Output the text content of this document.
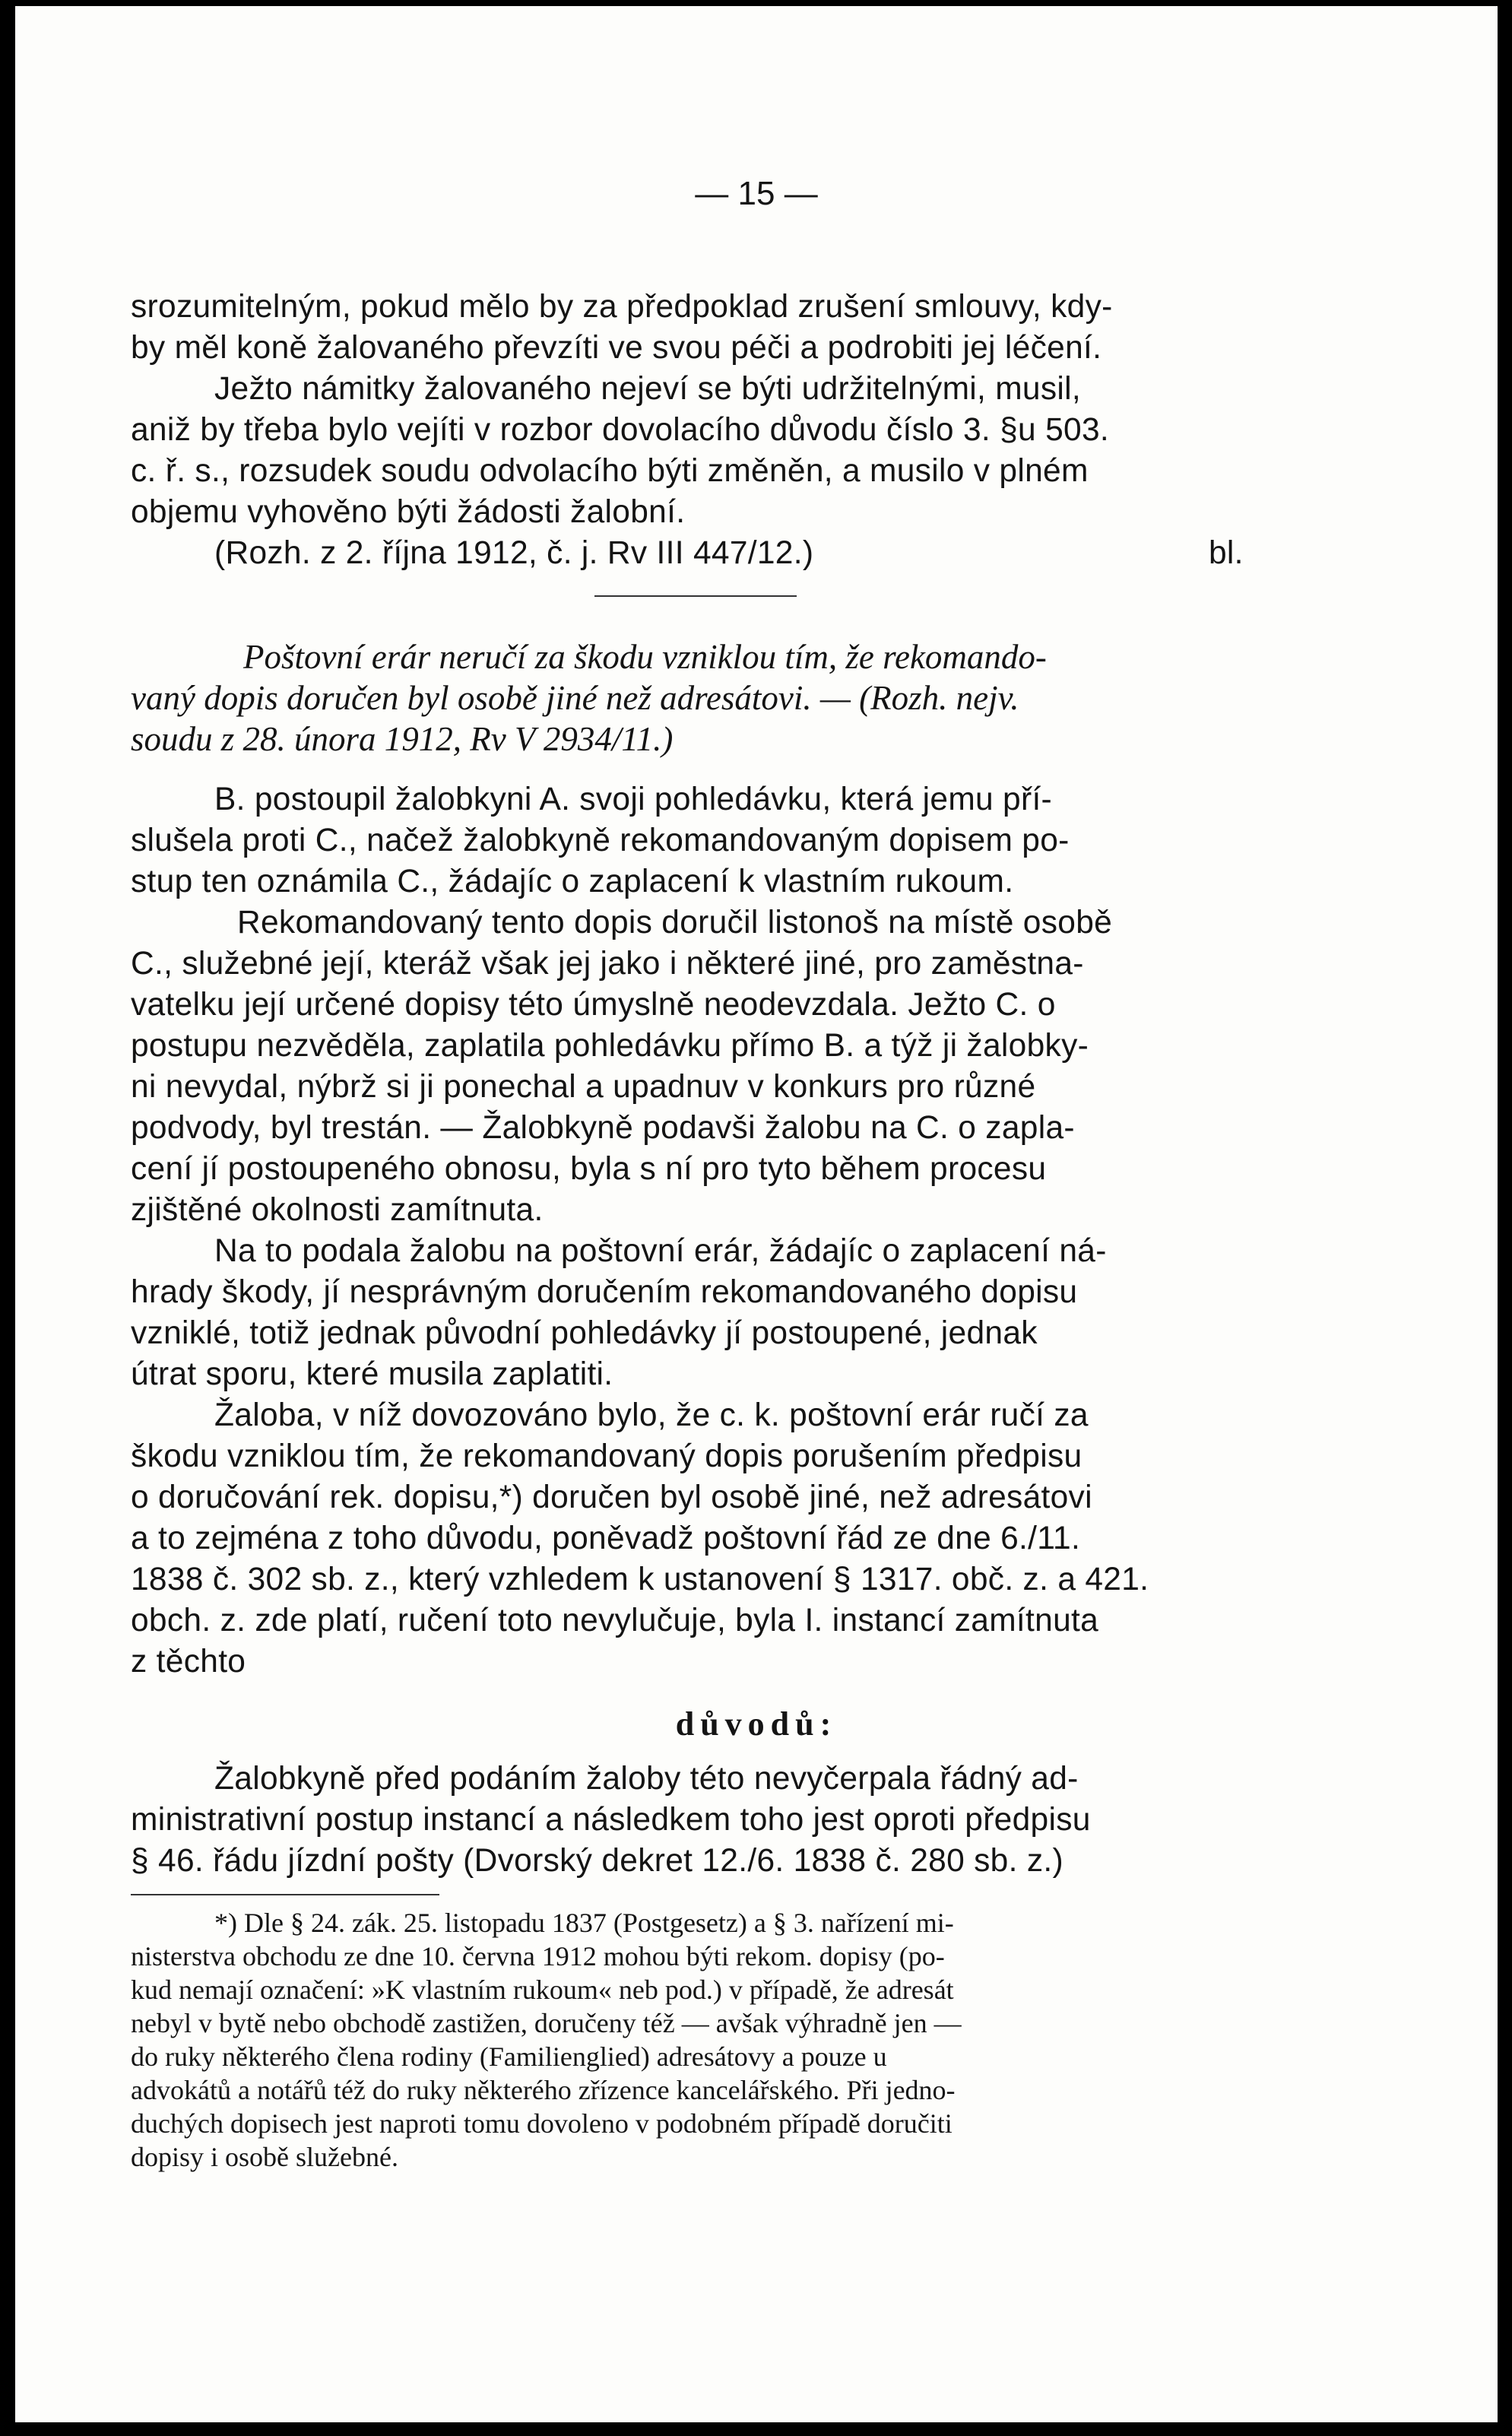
— 15 —

srozumitelným, pokud mělo by za předpoklad zrušení smlouvy, kdy-

by měl koně žalovaného převzíti ve svou péči a podrobiti jej léčení.

Ježto námitky žalovaného nejeví se býti udržitelnými, musil,

aniž by třeba bylo vejíti v rozbor dovolacího důvodu číslo 3. §u 503.

c. ř. s., rozsudek soudu odvolacího býti změněn, a musilo v plném

objemu vyhověno býti žádosti žalobní.

(Rozh. z 2. října 1912, č. j. Rv III 447/12.)	bl.

Poštovní erár neručí za škodu vzniklou tím, že rekomando-

vaný dopis doručen byl osobě jiné než adresátovi. — (Rozh. nejv.

soudu z 28. února 1912, Rv V 2934/11.)

B. postoupil žalobkyni A. svoji pohledávku, která jemu pří-

slušela proti C., načež žalobkyně rekomandovaným dopisem po-

stup ten oznámila C., žádajíc o zaplacení k vlastním rukoum.

Rekomandovaný tento dopis doručil listonoš na místě osobě

C., služebné její, kteráž však jej jako i některé jiné, pro zaměstna-

vatelku její určené dopisy této úmyslně neodevzdala. Ježto C. o

postupu nezvěděla, zaplatila pohledávku přímo B. a týž ji žalobky-

ni nevydal, nýbrž si ji ponechal a upadnuv v konkurs pro různé

podvody, byl trestán. — Žalobkyně podavši žalobu na C. o zapla-

cení jí postoupeného obnosu, byla s ní pro tyto během procesu

zjištěné okolnosti zamítnuta.

Na to podala žalobu na poštovní erár, žádajíc o zaplacení ná-

hrady škody, jí nesprávným doručením rekomandovaného dopisu

vzniklé, totiž jednak původní pohledávky jí postoupené, jednak

útrat sporu, které musila zaplatiti.

Žaloba, v níž dovozováno bylo, že c. k. poštovní erár ručí za

škodu vzniklou tím, že rekomandovaný dopis porušením předpisu

o doručování rek. dopisu,*) doručen byl osobě jiné, než adresátovi

a to zejména z toho důvodu, poněvadž poštovní řád ze dne 6./11.

1838 č. 302 sb. z., který vzhledem k ustanovení § 1317. obč. z. a 421.

obch. z. zde platí, ručení toto nevylučuje, byla I. instancí zamítnuta

z těchto

důvodů:

Žalobkyně před podáním žaloby této nevyčerpala řádný ad-

ministrativní postup instancí a následkem toho jest oproti předpisu

§ 46. řádu jízdní pošty (Dvorský dekret 12./6. 1838 č. 280 sb. z.)

*) Dle § 24. zák. 25. listopadu 1837 (Postgesetz) a § 3. nařízení mi-

nisterstva obchodu ze dne 10. června 1912 mohou býti rekom. dopisy (po-

kud nemají označení: »K vlastním rukoum« neb pod.) v případě, že adresát

nebyl v bytě nebo obchodě zastižen, doručeny též — avšak výhradně jen —

do ruky některého člena rodiny (Familienglied) adresátovy a pouze u

advokátů a notářů též do ruky některého zřízence kancelářského. Při jedno-

duchých dopisech jest naproti tomu dovoleno v podobném případě doručiti

dopisy i osobě služebné.
